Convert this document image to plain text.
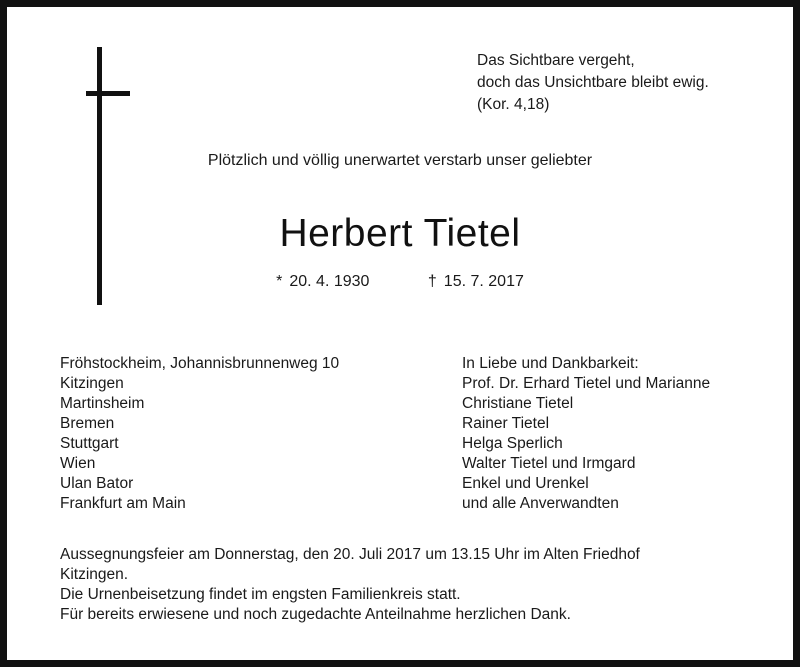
Das Sichtbare vergeht,
doch das Unsichtbare bleibt ewig.
(Kor. 4,18)
Plötzlich und völlig unerwartet verstarb unser geliebter
Herbert Tietel
* 20. 4. 1930	† 15. 7. 2017
Fröhstockheim, Johannisbrunnenweg 10
Kitzingen
Martinsheim
Bremen
Stuttgart
Wien
Ulan Bator
Frankfurt am Main
In Liebe und Dankbarkeit:
Prof. Dr. Erhard Tietel und Marianne
Christiane Tietel
Rainer Tietel
Helga Sperlich
Walter Tietel und Irmgard
Enkel und Urenkel
und alle Anverwandten
Aussegnungsfeier am Donnerstag, den 20. Juli 2017 um 13.15 Uhr im Alten Friedhof
Kitzingen.
Die Urnenbeisetzung findet im engsten Familienkreis statt.
Für bereits erwiesene und noch zugedachte Anteilnahme herzlichen Dank.
